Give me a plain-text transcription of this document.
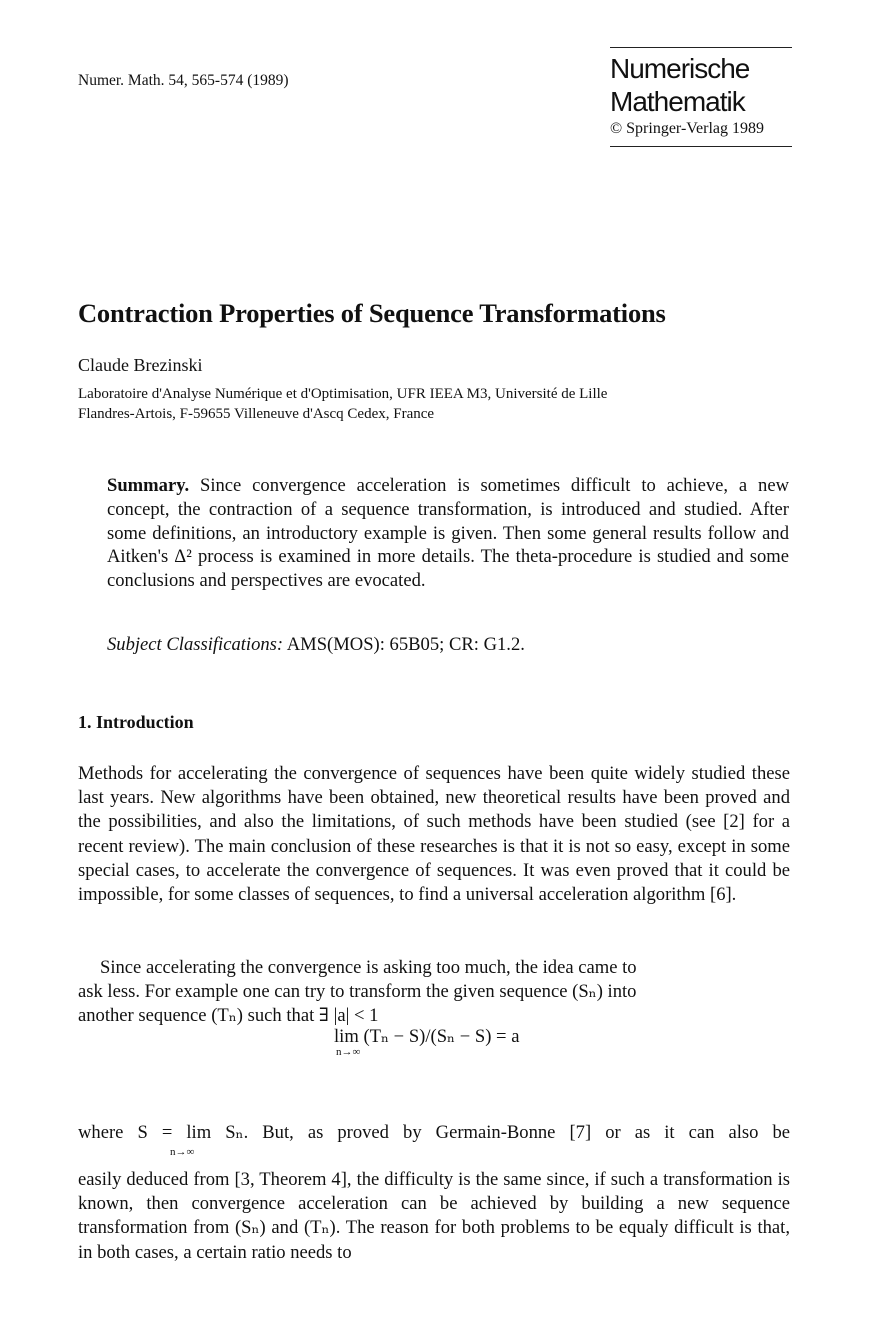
Numer. Math. 54, 565-574 (1989)	Numerische
Mathematik
© Springer-Verlag 1989
Contraction Properties of Sequence Transformations
Claude Brezinski
Laboratoire d'Analyse Numérique et d'Optimisation, UFR IEEA M3, Université de Lille
Flandres-Artois, F-59655 Villeneuve d'Ascq Cedex, France
Summary. Since convergence acceleration is sometimes difficult to achieve, a new concept, the contraction of a sequence transformation, is introduced and studied. After some definitions, an introductory example is given. Then some general results follow and Aitken's Δ² process is examined in more details. The theta-procedure is studied and some conclusions and perspectives are evocated.
Subject Classifications: AMS(MOS): 65B05; CR: G1.2.
1. Introduction
Methods for accelerating the convergence of sequences have been quite widely studied these last years. New algorithms have been obtained, new theoretical results have been proved and the possibilities, and also the limitations, of such methods have been studied (see [2] for a recent review). The main conclusion of these researches is that it is not so easy, except in some special cases, to accelerate the convergence of sequences. It was even proved that it could be impossible, for some classes of sequences, to find a universal acceleration algorithm [6].
Since accelerating the convergence is asking too much, the idea came to
ask less. For example one can try to transform the given sequence (Sₙ) into
another sequence (Tₙ) such that ∃ |a| < 1
lim (Tₙ − S)/(Sₙ − S) = a
n→∞
where S = lim Sₙ. But, as proved by Germain-Bonne [7] or as it can also be
n→∞
easily deduced from [3, Theorem 4], the difficulty is the same since, if such a transformation is known, then convergence acceleration can be achieved by building a new sequence transformation from (Sₙ) and (Tₙ). The reason for both problems to be equaly difficult is that, in both cases, a certain ratio needs to
